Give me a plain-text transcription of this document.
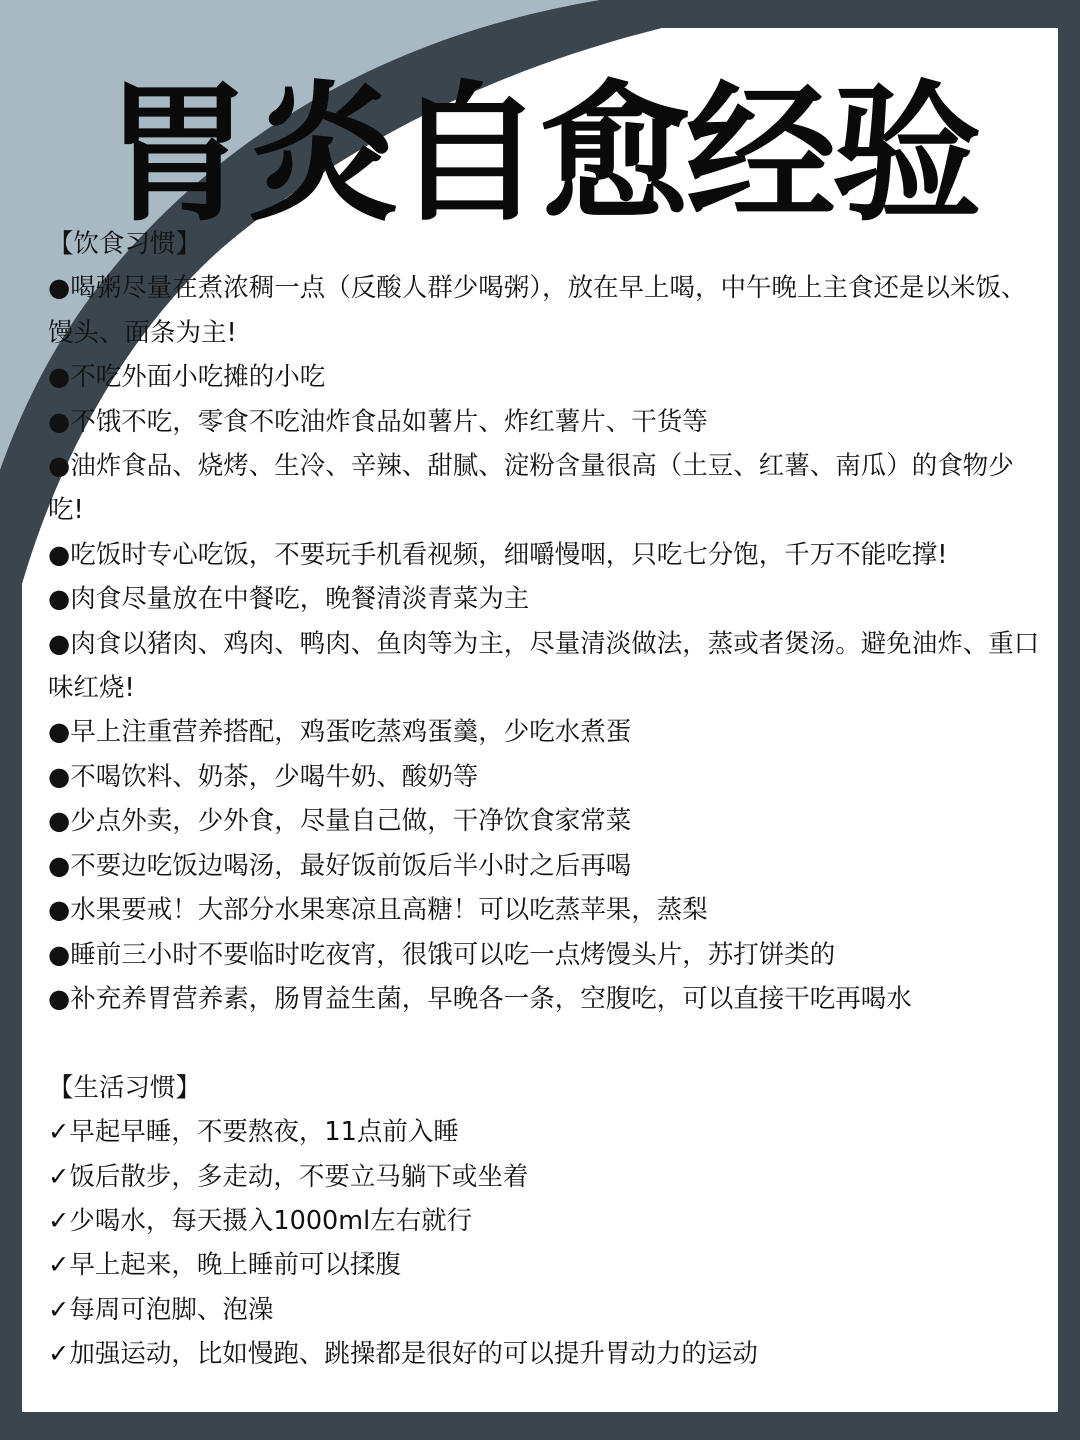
胃炎自愈经验
【饮食习惯】
●喝粥尽量在煮浓稠一点（反酸人群少喝粥），放在早上喝，中午晚上主食还是以米饭、馒头、面条为主!
●不吃外面小吃摊的小吃
●不饿不吃，零食不吃油炸食品如薯片、炸红薯片、干货等
●油炸食品、烧烤、生冷、辛辣、甜腻、淀粉含量很高（土豆、红薯、南瓜）的食物少吃!
●吃饭时专心吃饭，不要玩手机看视频，细嚼慢咽，只吃七分饱，千万不能吃撑!
●肉食尽量放在中餐吃，晚餐清淡青菜为主
●肉食以猪肉、鸡肉、鸭肉、鱼肉等为主，尽量清淡做法，蒸或者煲汤。避免油炸、重口味红烧!
●早上注重营养搭配，鸡蛋吃蒸鸡蛋羹，少吃水煮蛋
●不喝饮料、奶茶，少喝牛奶、酸奶等
●少点外卖，少外食，尽量自己做，干净饮食家常菜
●不要边吃饭边喝汤，最好饭前饭后半小时之后再喝
●水果要戒！大部分水果寒凉且高糖！可以吃蒸苹果，蒸梨
●睡前三小时不要临时吃夜宵，很饿可以吃一点烤馒头片，苏打饼类的
●补充养胃营养素，肠胃益生菌，早晚各一条，空腹吃，可以直接干吃再喝水
【生活习惯】
✓早起早睡，不要熬夜，11点前入睡
✓饭后散步，多走动，不要立马躺下或坐着
✓少喝水，每天摄入1000ml左右就行
✓早上起来，晚上睡前可以揉腹
✓每周可泡脚、泡澡
✓加强运动，比如慢跑、跳操都是很好的可以提升胃动力的运动
